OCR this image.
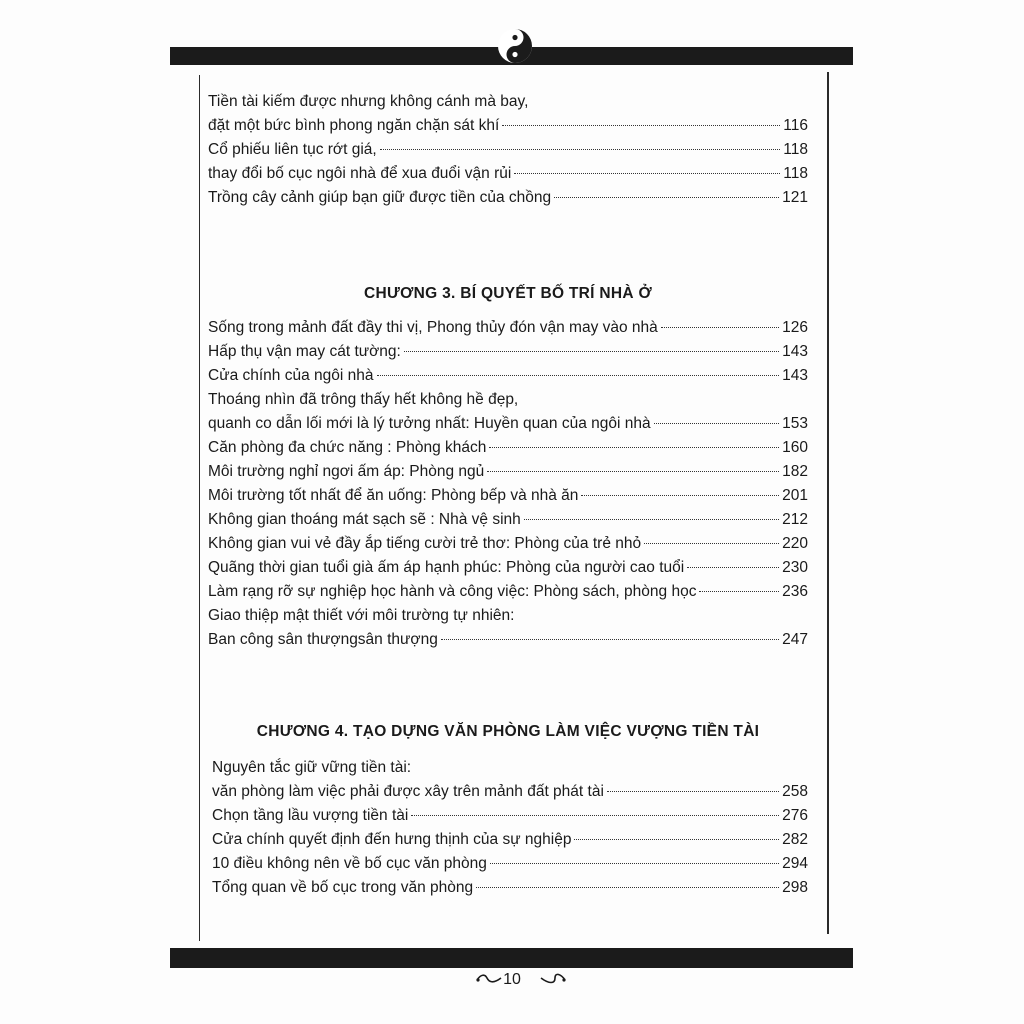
Tiền tài kiếm được nhưng không cánh mà bay,
đặt một bức bình phong ngăn chặn sát khí	116
Cổ phiếu liên tục rớt giá,	118
thay đổi bố cục ngôi nhà để xua đuổi vận rủi	118
Trồng cây cảnh giúp bạn giữ được tiền của chồng	121
CHƯƠNG 3. BÍ QUYẾT BỐ TRÍ NHÀ Ở
Sống trong mảnh đất đầy thi vị, Phong thủy đón vận may vào nhà	126
Hấp thụ vận may cát tường:	143
Cửa chính của ngôi nhà	143
Thoáng nhìn đã trông thấy hết không hề đẹp,
quanh co dẫn lối mới là lý tưởng nhất: Huyền quan của ngôi nhà	153
Căn phòng đa chức năng : Phòng khách	160
Môi trường nghỉ ngơi ấm áp: Phòng ngủ	182
Môi trường tốt nhất để ăn uống: Phòng bếp và nhà ăn	201
Không gian thoáng mát sạch sẽ : Nhà vệ sinh	212
Không gian vui vẻ đầy ắp tiếng cười trẻ thơ: Phòng của trẻ nhỏ	220
Quãng thời gian tuổi già ấm áp hạnh phúc: Phòng của người cao tuổi	230
Làm rạng rỡ sự nghiệp học hành và công việc: Phòng sách, phòng học	236
Giao thiệp mật thiết với môi trường tự nhiên:
Ban công sân thượngsân thượng	247
CHƯƠNG 4. TẠO DỰNG VĂN PHÒNG LÀM VIỆC VƯỢNG TIỀN TÀI
Nguyên tắc giữ vững tiền tài:
văn phòng làm việc phải được xây trên mảnh đất phát tài	258
Chọn tầng lầu vượng tiền tài	276
Cửa chính quyết định đến hưng thịnh của sự nghiệp	282
10 điều không nên về bố cục văn phòng	294
Tổng quan về bố cục trong văn phòng	298
10
